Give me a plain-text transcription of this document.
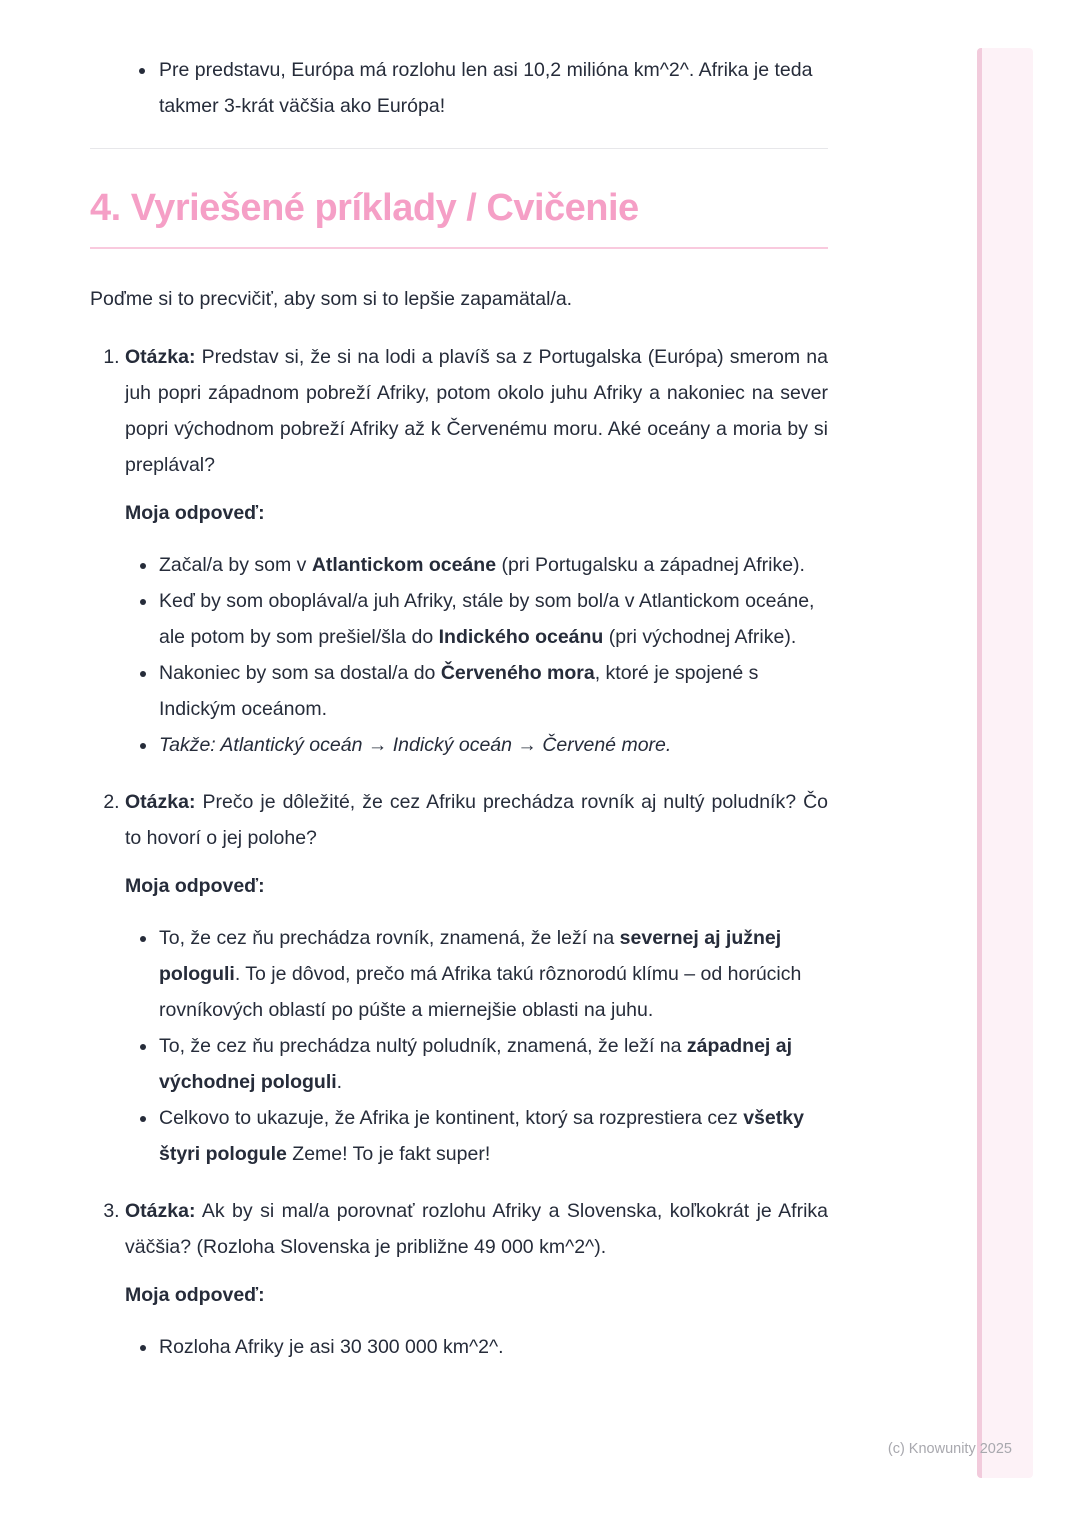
• Pre predstavu, Európa má rozlohu len asi 10,2 milióna km^2^. Afrika je teda takmer 3-krát väčšia ako Európa!
4. Vyriešené príklady / Cvičenie

Poďme si to precvičiť, aby som si to lepšie zapamätal/a.

1. Otázka: Predstav si, že si na lodi a plavíš sa z Portugalska (Európa) smerom na juh popri západnom pobreží Afriky, potom okolo juhu Afriky a nakoniec na sever popri východnom pobreží Afriky až k Červenému moru. Aké oceány a moria by si preplával?

Moja odpoveď:

• Začal/a by som v Atlantickom oceáne (pri Portugalsku a západnej Afrike).
• Keď by som oboplával/a juh Afriky, stále by som bol/a v Atlantickom oceáne, ale potom by som prešiel/šla do Indického oceánu (pri východnej Afrike).
• Nakoniec by som sa dostal/a do Červeného mora, ktoré je spojené s Indickým oceánom.
• Takže: Atlantický oceán → Indický oceán → Červené more.

2. Otázka: Prečo je dôležité, že cez Afriku prechádza rovník aj nultý poludník? Čo to hovorí o jej polohe?

Moja odpoveď:

• To, že cez ňu prechádza rovník, znamená, že leží na severnej aj južnej pologuli. To je dôvod, prečo má Afrika takú rôznorodú klímu – od horúcich rovníkových oblastí po púšte a miernejšie oblasti na juhu.
• To, že cez ňu prechádza nultý poludník, znamená, že leží na západnej aj východnej pologuli.
• Celkovo to ukazuje, že Afrika je kontinent, ktorý sa rozprestiera cez všetky štyri pologule Zeme! To je fakt super!

3. Otázka: Ak by si mal/a porovnať rozlohu Afriky a Slovenska, koľkokrát je Afrika väčšia? (Rozloha Slovenska je približne 49 000 km^2^).

Moja odpoveď:

• Rozloha Afriky je asi 30 300 000 km^2^.
(c) Knowunity 2025
